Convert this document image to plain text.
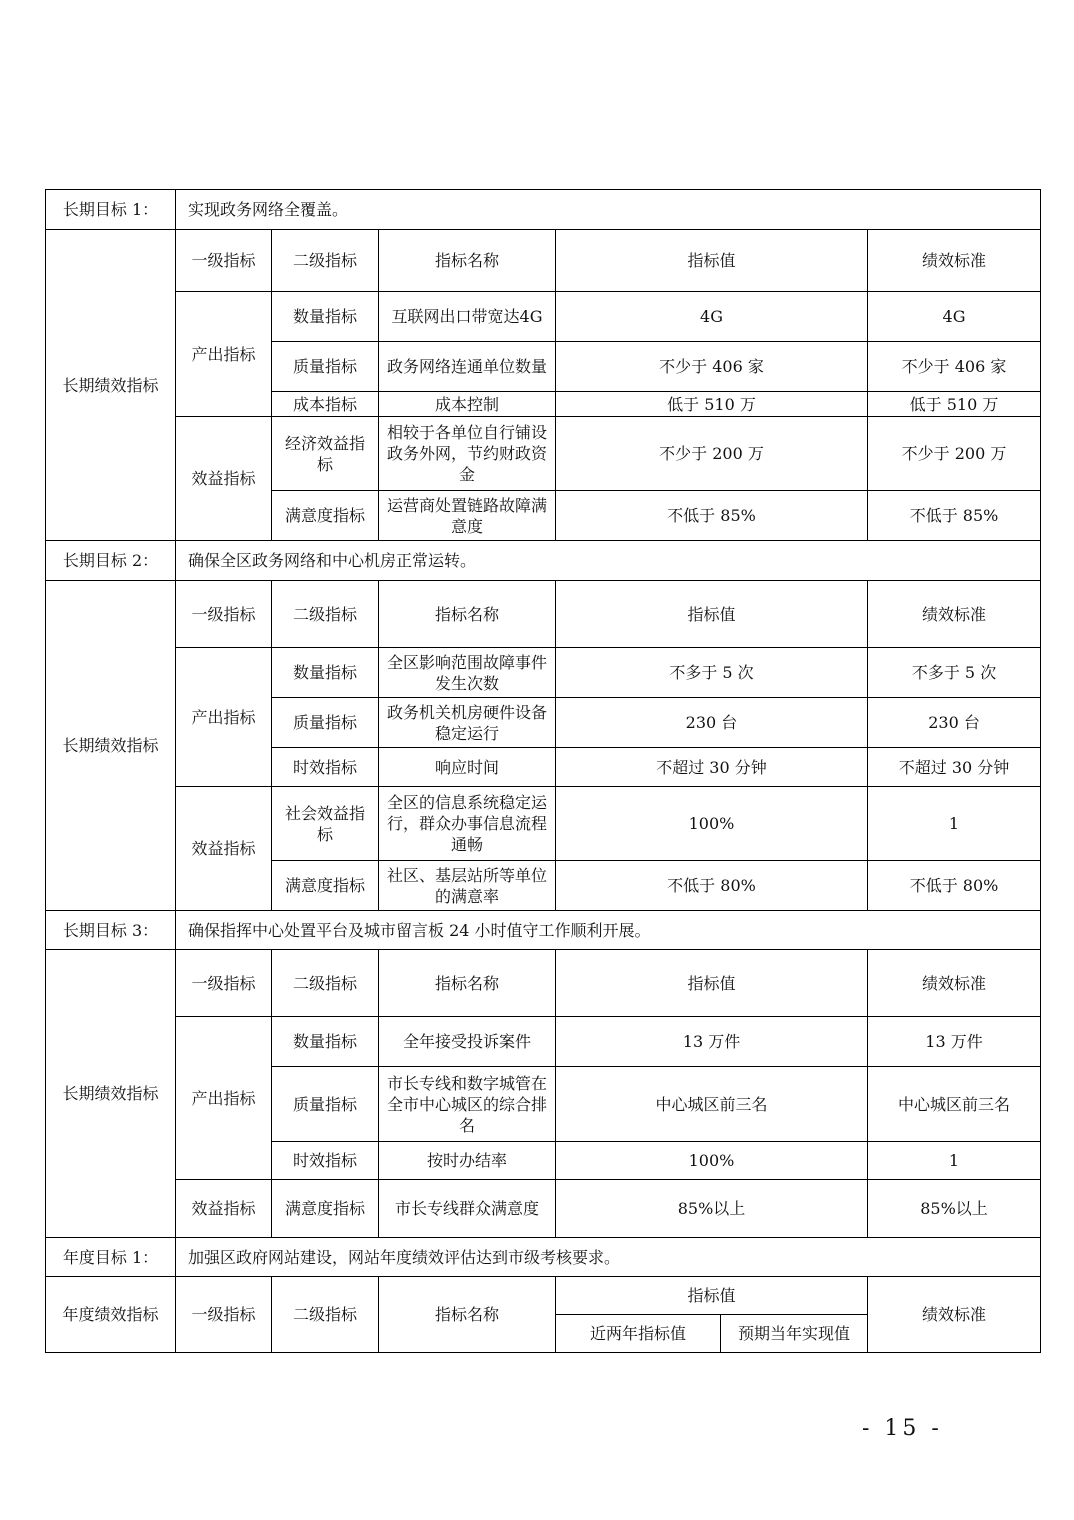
长期目标 1：	实现政务网络全覆盖。					
长期绩效指标	一级指标	二级指标	指标名称	指标值		绩效标准
	产出指标	数量指标	互联网出口带宽达4G	4G		4G
		质量指标	政务网络连通单位数量	不少于 406 家		不少于 406 家
		成本指标	成本控制	低于 510 万		低于 510 万
	效益指标	经济效益指标	相较于各单位自行铺设政务外网，节约财政资金	不少于 200 万		不少于 200 万
		满意度指标	运营商处置链路故障满意度	不低于 85%		不低于 85%
长期目标 2：	确保全区政务网络和中心机房正常运转。					
长期绩效指标	一级指标	二级指标	指标名称	指标值		绩效标准
	产出指标	数量指标	全区影响范围故障事件发生次数	不多于 5 次		不多于 5 次
		质量指标	政务机关机房硬件设备稳定运行	230 台		230 台
		时效指标	响应时间	不超过 30 分钟		不超过 30 分钟
	效益指标	社会效益指标	全区的信息系统稳定运行，群众办事信息流程通畅	100%		1
		满意度指标	社区、基层站所等单位的满意率	不低于 80%		不低于 80%
长期目标 3：	确保指挥中心处置平台及城市留言板 24 小时值守工作顺利开展。					
长期绩效指标	一级指标	二级指标	指标名称	指标值		绩效标准
	产出指标	数量指标	全年接受投诉案件	13 万件		13 万件
		质量指标	市长专线和数字城管在全市中心城区的综合排名	中心城区前三名		中心城区前三名
		时效指标	按时办结率	100%		1
	效益指标	满意度指标	市长专线群众满意度	85%以上		85%以上
年度目标 1：	加强区政府网站建设，网站年度绩效评估达到市级考核要求。					
年度绩效指标	一级指标	二级指标	指标名称	指标值		绩效标准
				近两年指标值	预期当年实现值	
- 15 -
